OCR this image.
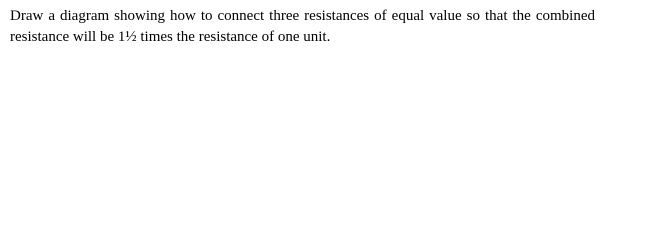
Draw a diagram showing how to connect three resistances of equal value so that the combined resistance will be 1½ times the resistance of one unit.
